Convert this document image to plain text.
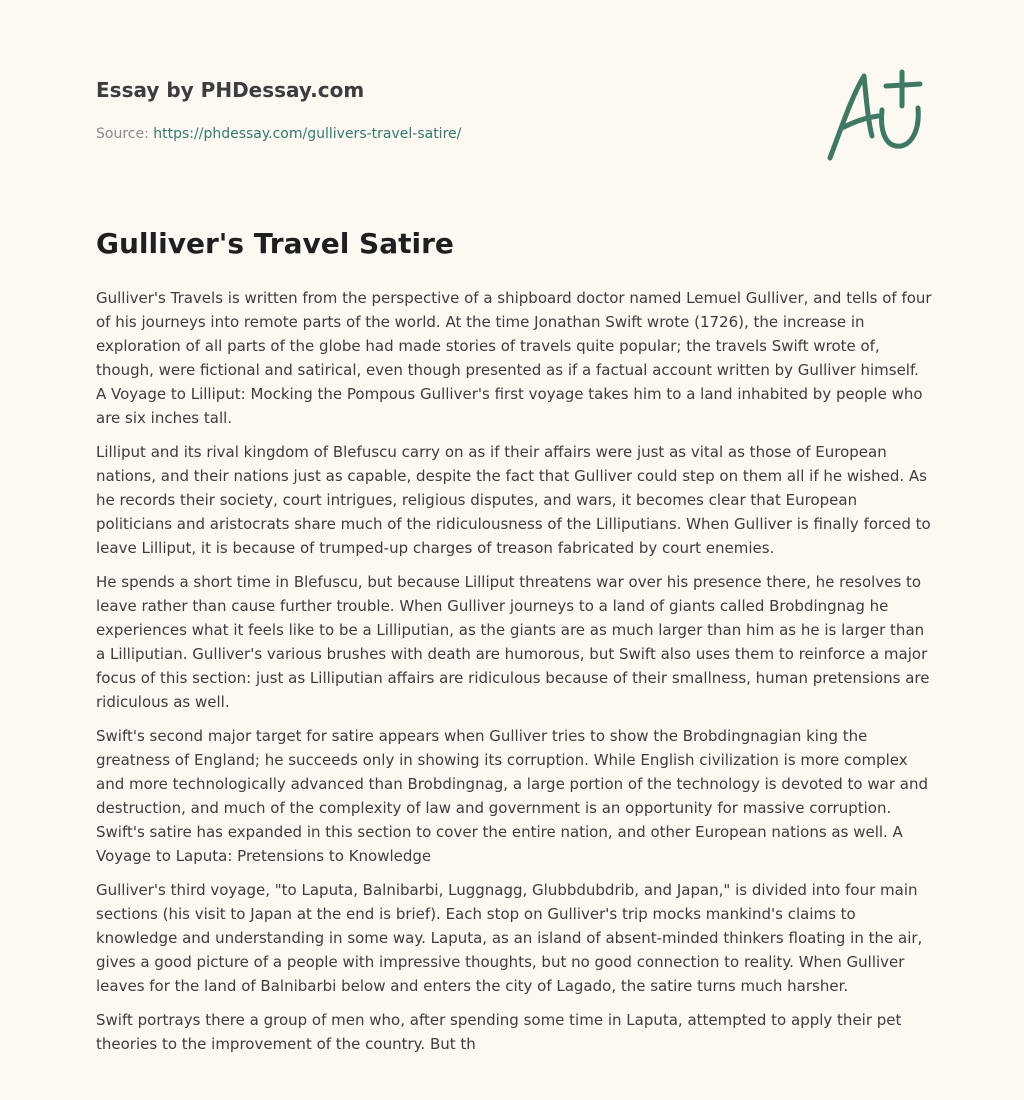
Essay by PHDessay.com
Source: https://phdessay.com/gullivers-travel-satire/
Gulliver's Travel Satire

Gulliver's Travels is written from the perspective of a shipboard doctor named Lemuel Gulliver, and tells of four of his journeys into remote parts of the world. At the time Jonathan Swift wrote (1726), the increase in exploration of all parts of the globe had made stories of travels quite popular; the travels Swift wrote of, though, were fictional and satirical, even though presented as if a factual account written by Gulliver himself. A Voyage to Lilliput: Mocking the Pompous Gulliver's first voyage takes him to a land inhabited by people who are six inches tall.

Lilliput and its rival kingdom of Blefuscu carry on as if their affairs were just as vital as those of European nations, and their nations just as capable, despite the fact that Gulliver could step on them all if he wished. As he records their society, court intrigues, religious disputes, and wars, it becomes clear that European politicians and aristocrats share much of the ridiculousness of the Lilliputians. When Gulliver is finally forced to leave Lilliput, it is because of trumped-up charges of treason fabricated by court enemies.

He spends a short time in Blefuscu, but because Lilliput threatens war over his presence there, he resolves to leave rather than cause further trouble. When Gulliver journeys to a land of giants called Brobdingnag he experiences what it feels like to be a Lilliputian, as the giants are as much larger than him as he is larger than a Lilliputian. Gulliver's various brushes with death are humorous, but Swift also uses them to reinforce a major focus of this section: just as Lilliputian affairs are ridiculous because of their smallness, human pretensions are ridiculous as well.

Swift's second major target for satire appears when Gulliver tries to show the Brobdingnagian king the greatness of England; he succeeds only in showing its corruption. While English civilization is more complex and more technologically advanced than Brobdingnag, a large portion of the technology is devoted to war and destruction, and much of the complexity of law and government is an opportunity for massive corruption. Swift's satire has expanded in this section to cover the entire nation, and other European nations as well. A Voyage to Laputa: Pretensions to Knowledge

Gulliver's third voyage, "to Laputa, Balnibarbi, Luggnagg, Glubbdubdrib, and Japan," is divided into four main sections (his visit to Japan at the end is brief). Each stop on Gulliver's trip mocks mankind's claims to knowledge and understanding in some way. Laputa, as an island of absent-minded thinkers floating in the air, gives a good picture of a people with impressive thoughts, but no good connection to reality. When Gulliver leaves for the land of Balnibarbi below and enters the city of Lagado, the satire turns much harsher.

Swift portrays there a group of men who, after spending some time in Laputa, attempted to apply their pet theories to the improvement of the country. But th
